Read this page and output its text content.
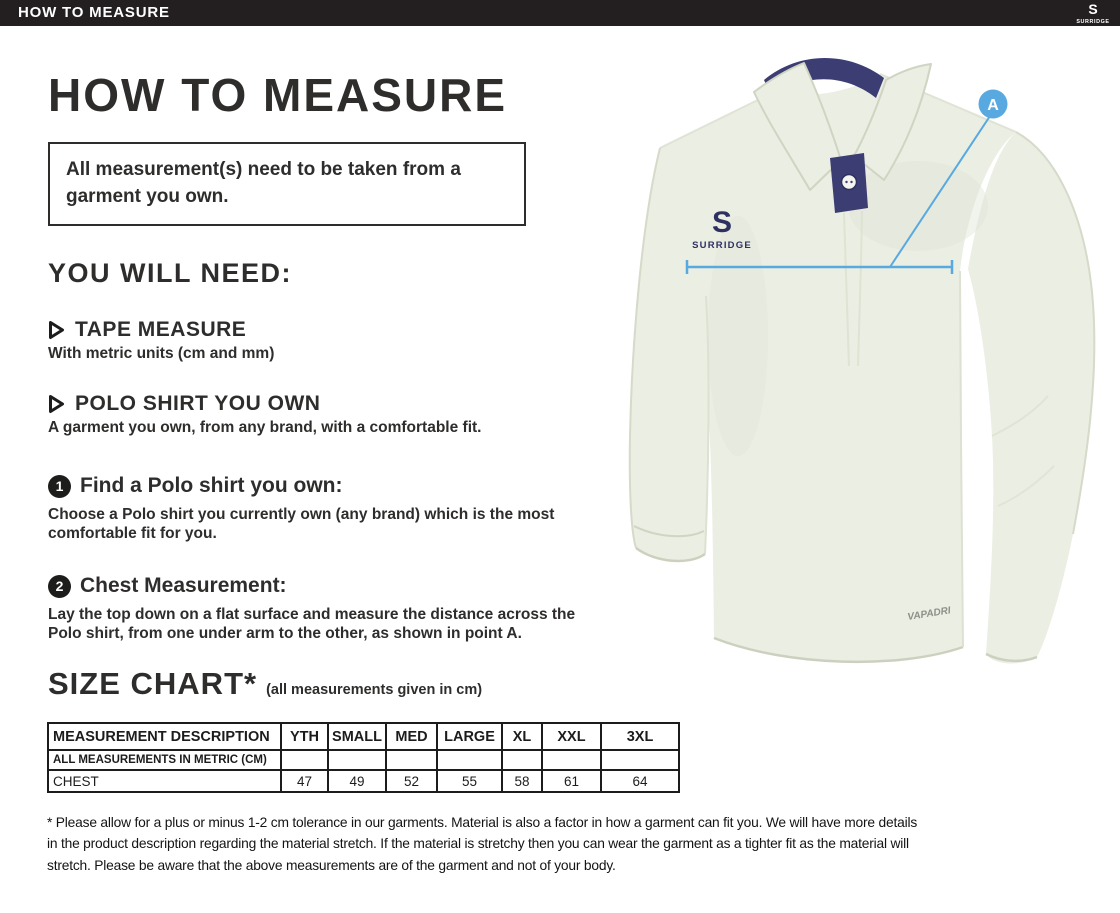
HOW TO MEASURE	S
SURRIDGE
HOW TO MEASURE
All measurement(s) need to be taken from a garment you own.
YOU WILL NEED:
TAPE MEASURE
With metric units (cm and mm)
POLO SHIRT YOU OWN
A garment you own, from any brand, with a comfortable fit.
1 Find a Polo shirt you own:
Choose a Polo shirt you currently own (any brand) which is the most comfortable fit for you.
2 Chest Measurement:
Lay the top down on a flat surface and measure the distance across the Polo shirt, from one under arm to the other, as shown in point A.
SIZE CHART* (all measurements given in cm)
MEASUREMENT DESCRIPTION	YTH	SMALL	MED	LARGE	XL	XXL	3XL
ALL MEASUREMENTS IN METRIC (CM)							
CHEST	47	49	52	55	58	61	64

* Please allow for a plus or minus 1-2 cm tolerance in our garments. Material is also a factor in how a garment can fit you. We will have more details in the product description regarding the material stretch. If the material is stretchy then you can wear the garment as a tighter fit as the material will stretch. Please be aware that the above measurements are of the garment and not of your body.

S
SURRIDGE
VAPADRI
A
